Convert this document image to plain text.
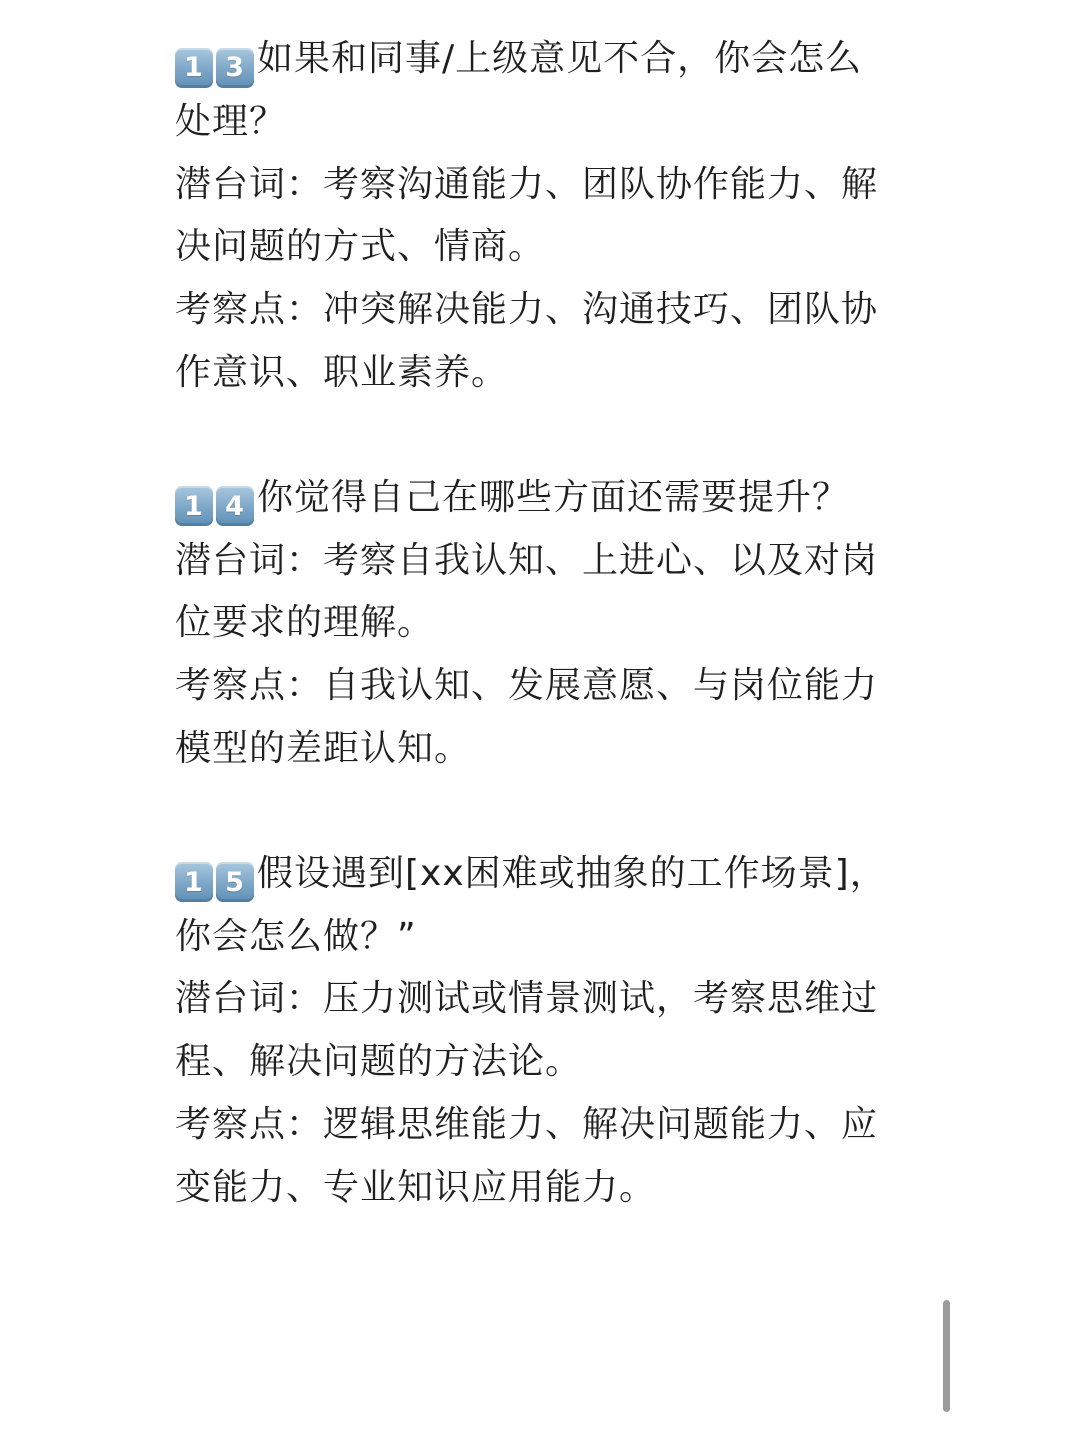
1 3 如果和同事/上级意见不合，你会怎么处理？
潜台词：考察沟通能力、团队协作能力、解决问题的方式、情商。
考察点：冲突解决能力、沟通技巧、团队协作意识、职业素养。
1 4 你觉得自己在哪些方面还需要提升？
潜台词：考察自我认知、上进心、以及对岗位要求的理解。
考察点：自我认知、发展意愿、与岗位能力模型的差距认知。
1 5 假设遇到[xx困难或抽象的工作场景]，你会怎么做？”
潜台词：压力测试或情景测试，考察思维过程、解决问题的方法论。
考察点：逻辑思维能力、解决问题能力、应变能力、专业知识应用能力。
